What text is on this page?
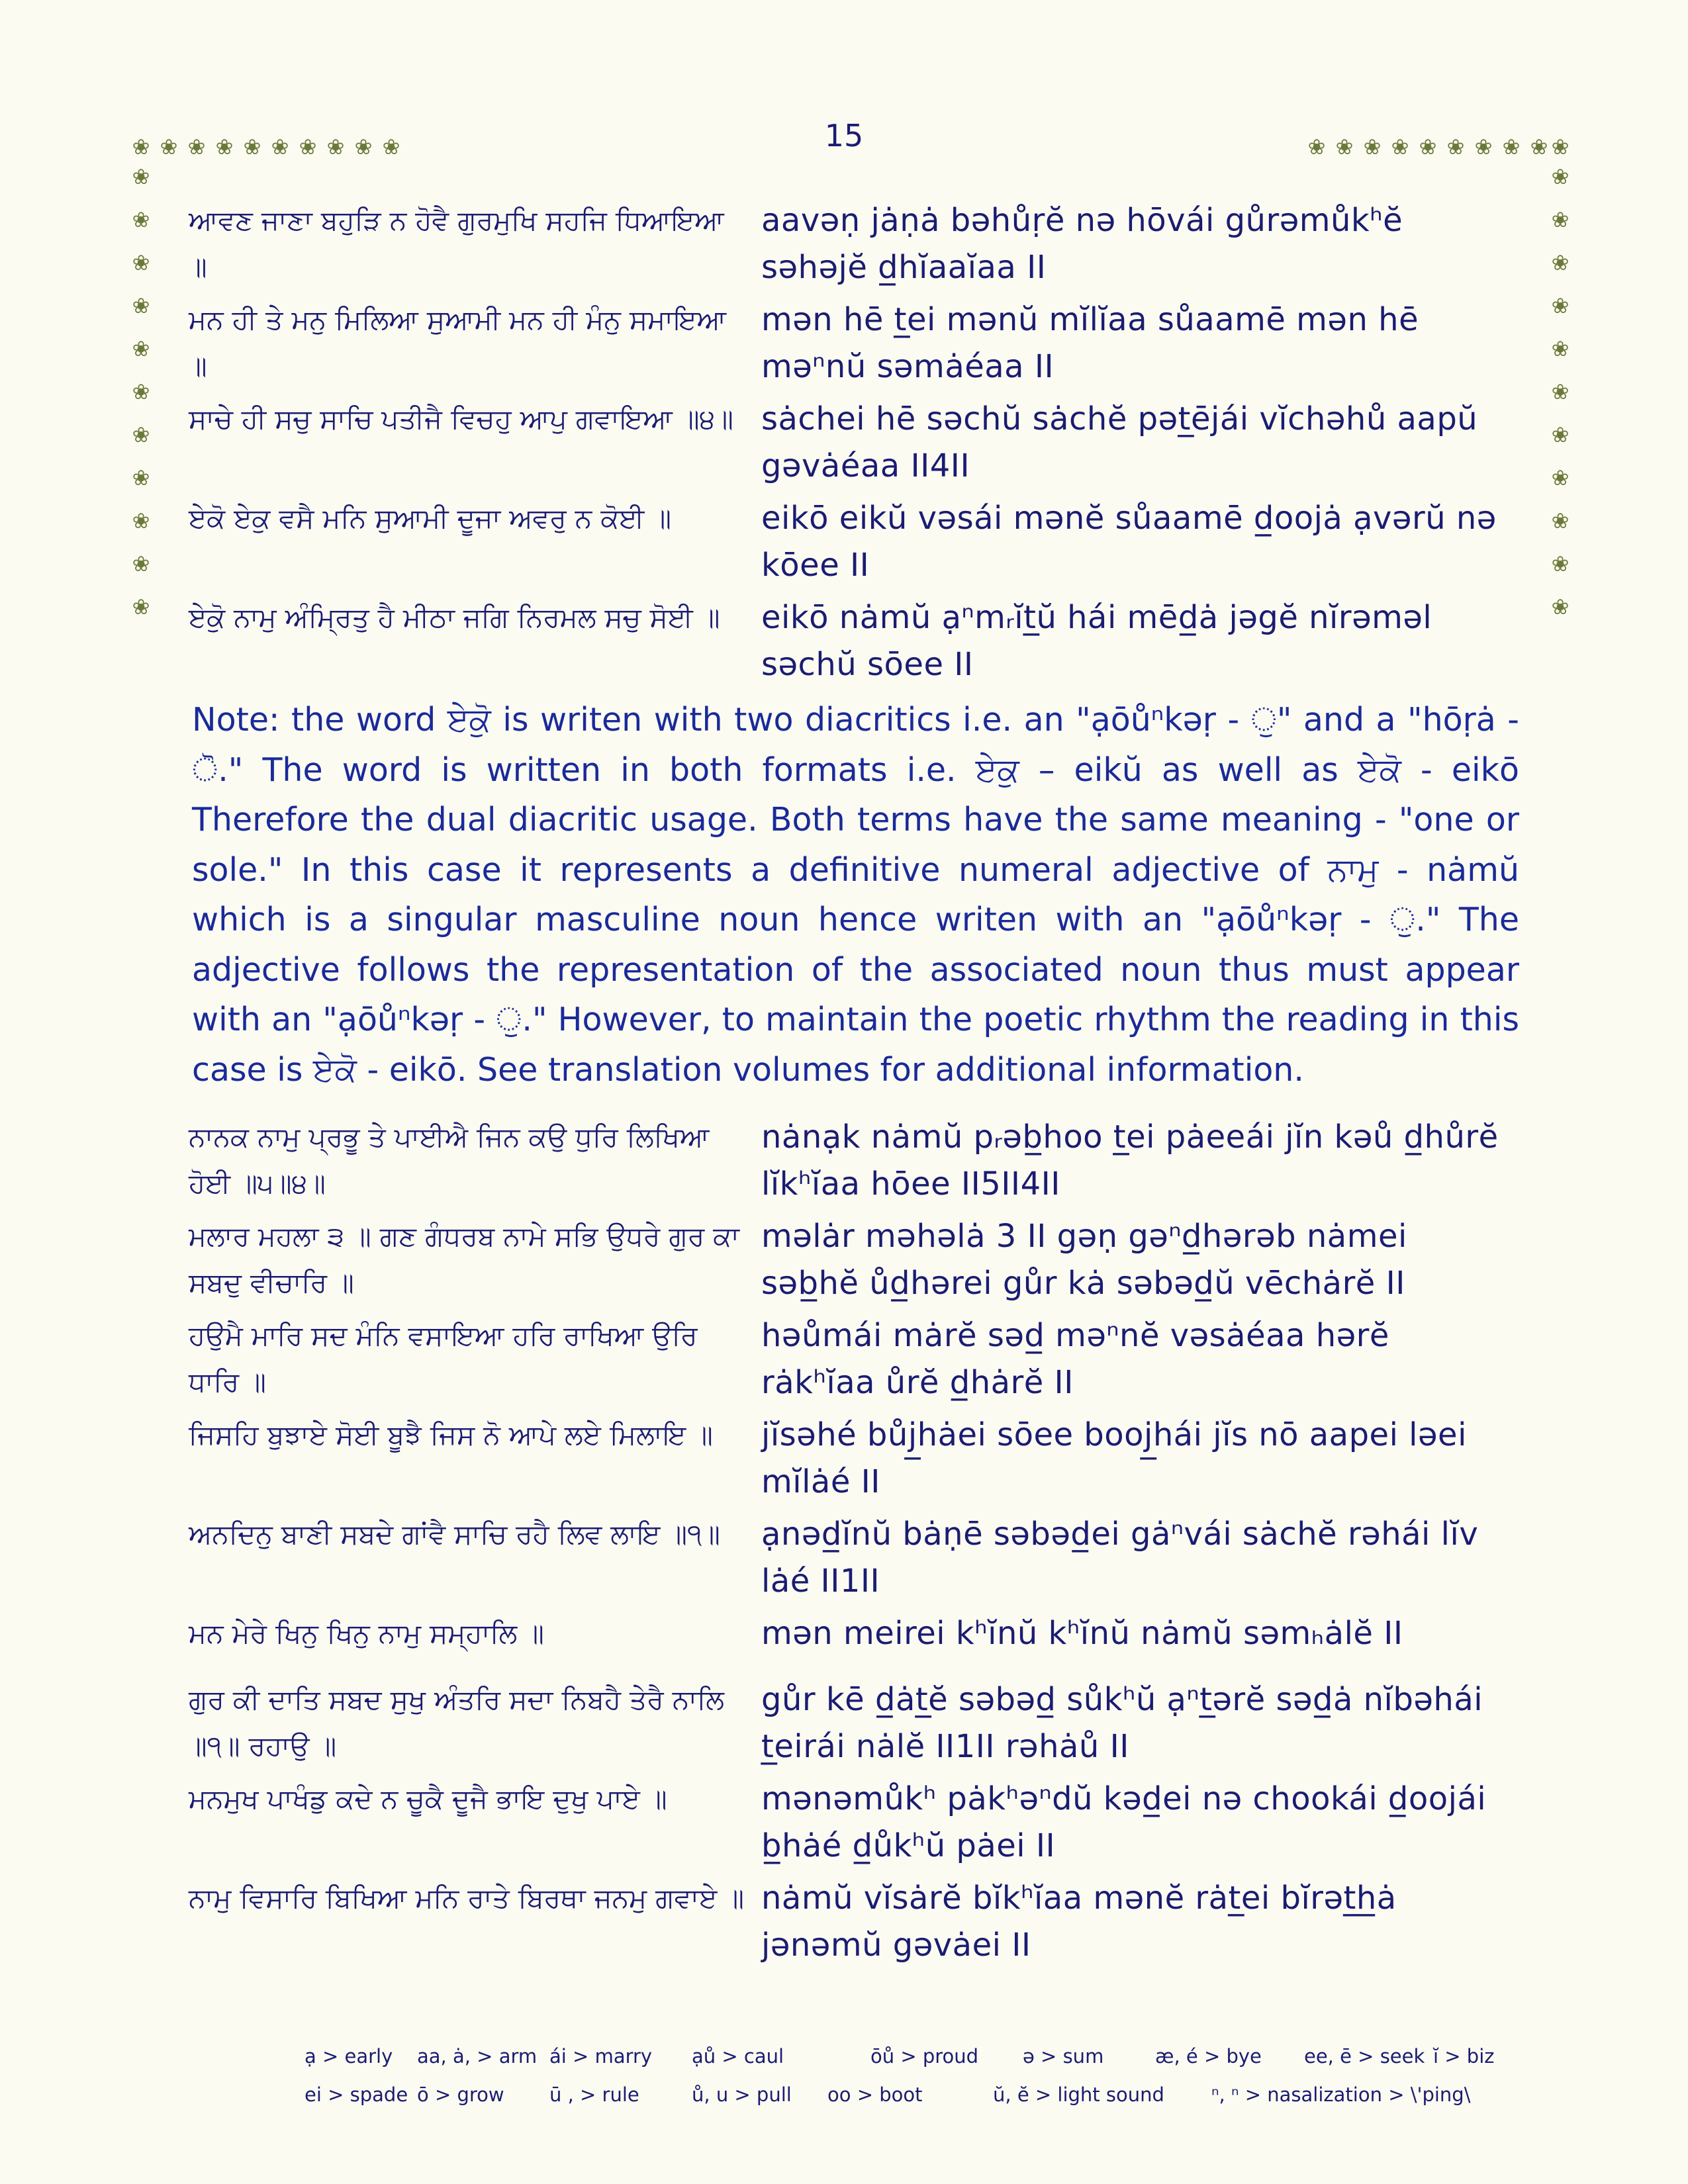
15
❀ ❀ ❀ ❀ ❀ ❀ ❀ ❀ ❀ ❀	❀ ❀ ❀ ❀ ❀ ❀ ❀ ❀ ❀ ❀
❀	❀
❀	❀
❀	❀
❀	❀
❀	❀
❀	❀
❀	❀
❀	❀
❀	❀
❀	❀
❀	❀
ਆਵਣ ਜਾਣਾ ਬਹੁੜਿ ਨ ਹੋਵੈ ਗੁਰਮੁਖਿ ਸਹਜਿ ਧਿਆਇਆ ॥
aavəṇ jȧṇȧ bəhůṛĕ nə hōvái gůrəmůkʰĕ səhəjĕ d̲hĭaaĭaa II
ਮਨ ਹੀ ਤੇ ਮਨੁ ਮਿਲਿਆ ਸੁਆਮੀ ਮਨ ਹੀ ਮੰਨੁ ਸਮਾਇਆ ॥
mən hē t̲ei mənŭ mĭlĭaa sůaamē mən hē məⁿnŭ səmȧéaa II
ਸਾਚੇ ਹੀ ਸਚੁ ਸਾਚਿ ਪਤੀਜੈ ਵਿਚਹੁ ਆਪੁ ਗਵਾਇਆ ॥੪॥ sȧchei hē səchŭ sȧchĕ pət̲ējái vĭchəhů aapŭ gəvȧéaa II4II
ਏਕੋ ਏਕੁ ਵਸੈ ਮਨਿ ਸੁਆਮੀ ਦੂਜਾ ਅਵਰੁ ਨ ਕੋਈ ॥	eikō eikŭ vəsái mənĕ sůaamē d̲oojȧ ạvərŭ nə kōee II
ਏਕੋੁ ਨਾਮੁ ਅੰਮ੍ਰਿਤੁ ਹੈ ਮੀਠਾ ਜਗਿ ਨਿਰਮਲ ਸਚੁ ਸੋਈ ॥	eikō nȧmŭ ạⁿmᵣĭt̲ŭ hái mēd̲ȧ jəgĕ nĭrəməl səchŭ sōee II
Note: the word ਏਕੋੁ is writen with two diacritics i.e. an "ạōůⁿkəṛ - ੁ" and a "hōṛȧ - ੋ." The word is written in both formats i.e. ਏਕੁ – eikŭ as well as ਏਕੋ - eikō Therefore the dual diacritic usage. Both terms have the same meaning - "one or sole." In this case it represents a definitive numeral adjective of ਨਾਮੁ - nȧmŭ which is a singular masculine noun hence writen with an "ạōůⁿkəṛ - ੁ." The adjective follows the representation of the associated noun thus must appear with an "ạōůⁿkəṛ - ੁ." However, to maintain the poetic rhythm the reading in this case is ਏਕੋ - eikō. See translation volumes for additional information.
ਨਾਨਕ ਨਾਮੁ ਪ੍ਰਭੂ ਤੇ ਪਾਈਐ ਜਿਨ ਕਉ ਧੁਰਿ ਲਿਖਿਆ ਹੋਈ ॥੫॥੪॥
nȧnạk nȧmŭ pᵣəb̲hoo t̲ei pȧeeái jĭn kəů d̲hůrĕ lĭkʰĭaa hōee II5II4II
ਮਲਾਰ ਮਹਲਾ ੩ ॥ ਗਣ ਗੰਧਰਬ ਨਾਮੇ ਸਭਿ ਉਧਰੇ ਗੁਰ ਕਾ ਸਬਦੁ ਵੀਚਾਰਿ ॥
məlȧr məhəlȧ 3 II gəṇ gəⁿd̲hərəb nȧmei səb̲hĕ ůd̲hərei gůr kȧ səbəd̲ŭ vēchȧrĕ II
ਹਉਮੈ ਮਾਰਿ ਸਦ ਮੰਨਿ ਵਸਾਇਆ ਹਰਿ ਰਾਖਿਆ ਉਰਿ ਧਾਰਿ ॥
həůmái mȧrĕ səd̲ məⁿnĕ vəsȧéaa hərĕ rȧkʰĭaa ůrĕ d̲hȧrĕ II
ਜਿਸਹਿ ਬੁਝਾਏ ਸੋਈ ਬੂਝੈ ਜਿਸ ਨੋ ਆਪੇ ਲਏ ਮਿਲਾਇ ॥	jĭsəhé bůj̲hȧei sōee booj̲hái jĭs nō aapei ləei mĭlȧé II
ਅਨਦਿਨੁ ਬਾਣੀ ਸਬਦੇ ਗਾਂਵੈ ਸਾਚਿ ਰਹੈ ਲਿਵ ਲਾਇ ॥੧॥	ạnəd̲ĭnŭ bȧṇē səbəd̲ei gȧⁿvái sȧchĕ rəhái lĭv lȧé II1II
ਮਨ ਮੇਰੇ ਖਿਨੁ ਖਿਨੁ ਨਾਮੁ ਸਮ੍ਹਾਲਿ ॥	mən meirei kʰĭnŭ kʰĭnŭ nȧmŭ səmₕȧlĕ II
ਗੁਰ ਕੀ ਦਾਤਿ ਸਬਦ ਸੁਖੁ ਅੰਤਰਿ ਸਦਾ ਨਿਬਹੈ ਤੇਰੈ ਨਾਲਿ ॥੧॥ ਰਹਾਉ ॥
gůr kē d̲ȧt̲ĕ səbəd̲ sůkʰŭ ạⁿt̲ərĕ səd̲ȧ nĭbəhái t̲eirái nȧlĕ II1II rəhȧů II
ਮਨਮੁਖ ਪਾਖੰਡੁ ਕਦੇ ਨ ਚੂਕੈ ਦੂਜੈ ਭਾਇ ਦੁਖੁ ਪਾਏ ॥	mənəmůkʰ pȧkʰəⁿdŭ kəd̲ei nə chookái d̲oojái b̲hȧé d̲ůkʰŭ pȧei II
ਨਾਮੁ ਵਿਸਾਰਿ ਬਿਖਿਆ ਮਨਿ ਰਾਤੇ ਬਿਰਥਾ ਜਨਮੁ ਗਵਾਏ ॥ nȧmŭ vĭsȧrĕ bĭkʰĭaa mənĕ rȧt̲ei bĭrət̲h̲ȧ jənəmŭ gəvȧei II
ạ > early aa, ȧ, > arm ái > marry ạů > caul	ōů > proud ə > sum	æ, é > bye ee, ē > seek ĭ > biz
ei > spade ō > grow ū , > rule	ů, u > pull oo > boot	ŭ, ĕ > light sound ⁿ, ⁿ > nasalization > \'ping\
